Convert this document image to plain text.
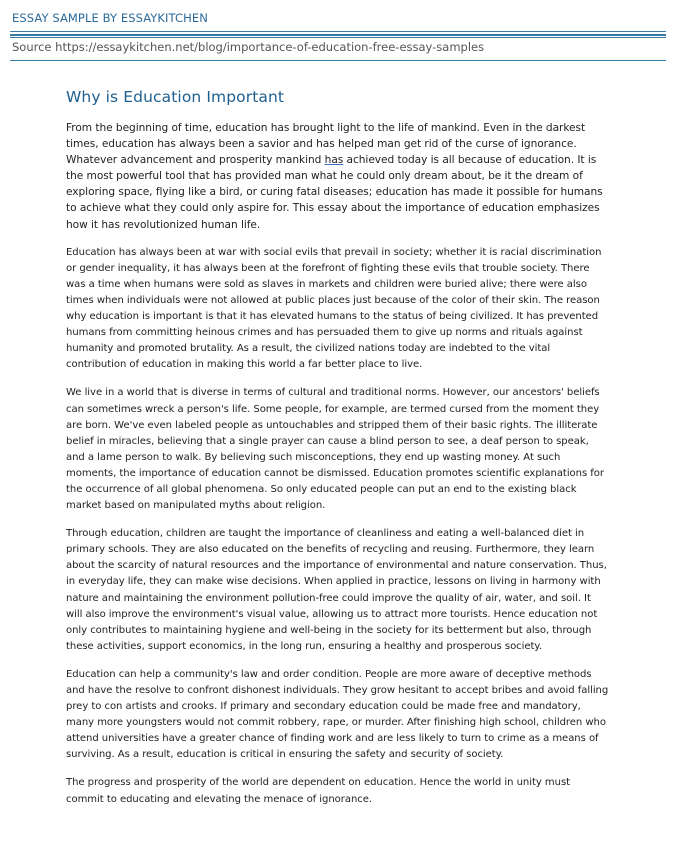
ESSAY SAMPLE BY ESSAYKITCHEN
Source https://essaykitchen.net/blog/importance-of-education-free-essay-samples
Why is Education Important

From the beginning of time, education has brought light to the life of mankind. Even in the darkest times, education has always been a savior and has helped man get rid of the curse of ignorance. Whatever advancement and prosperity mankind has achieved today is all because of education. It is the most powerful tool that has provided man what he could only dream about, be it the dream of exploring space, flying like a bird, or curing fatal diseases; education has made it possible for humans to achieve what they could only aspire for. This essay about the importance of education emphasizes how it has revolutionized human life.

Education has always been at war with social evils that prevail in society; whether it is racial discrimination or gender inequality, it has always been at the forefront of fighting these evils that trouble society. There was a time when humans were sold as slaves in markets and children were buried alive; there were also times when individuals were not allowed at public places just because of the color of their skin. The reason why education is important is that it has elevated humans to the status of being civilized. It has prevented humans from committing heinous crimes and has persuaded them to give up norms and rituals against humanity and promoted brutality. As a result, the civilized nations today are indebted to the vital contribution of education in making this world a far better place to live.

We live in a world that is diverse in terms of cultural and traditional norms. However, our ancestors' beliefs can sometimes wreck a person's life. Some people, for example, are termed cursed from the moment they are born. We've even labeled people as untouchables and stripped them of their basic rights. The illiterate belief in miracles, believing that a single prayer can cause a blind person to see, a deaf person to speak, and a lame person to walk. By believing such misconceptions, they end up wasting money. At such moments, the importance of education cannot be dismissed. Education promotes scientific explanations for the occurrence of all global phenomena. So only educated people can put an end to the existing black market based on manipulated myths about religion.

Through education, children are taught the importance of cleanliness and eating a well-balanced diet in primary schools. They are also educated on the benefits of recycling and reusing. Furthermore, they learn about the scarcity of natural resources and the importance of environmental and nature conservation. Thus, in everyday life, they can make wise decisions. When applied in practice, lessons on living in harmony with nature and maintaining the environment pollution-free could improve the quality of air, water, and soil. It will also improve the environment's visual value, allowing us to attract more tourists. Hence education not only contributes to maintaining hygiene and well-being in the society for its betterment but also, through these activities, support economics, in the long run, ensuring a healthy and prosperous society.

Education can help a community's law and order condition. People are more aware of deceptive methods and have the resolve to confront dishonest individuals. They grow hesitant to accept bribes and avoid falling prey to con artists and crooks. If primary and secondary education could be made free and mandatory, many more youngsters would not commit robbery, rape, or murder. After finishing high school, children who attend universities have a greater chance of finding work and are less likely to turn to crime as a means of surviving. As a result, education is critical in ensuring the safety and security of society.

The progress and prosperity of the world are dependent on education. Hence the world in unity must commit to educating and elevating the menace of ignorance.
